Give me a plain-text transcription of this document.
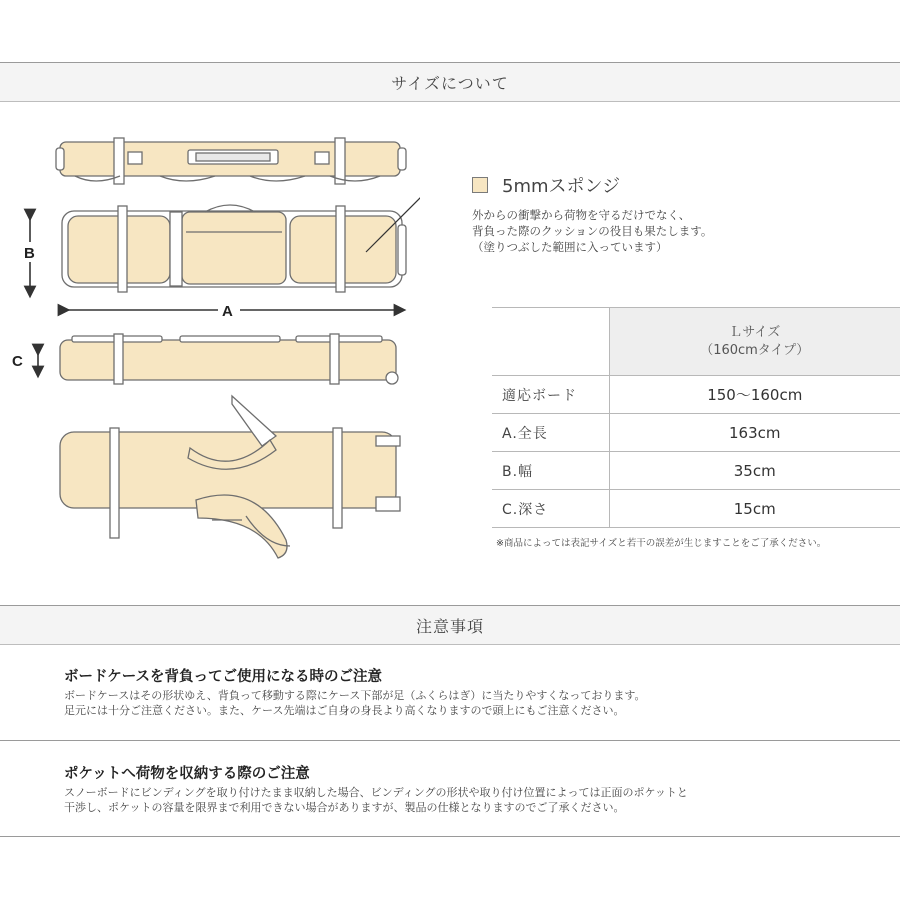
サイズについて
B
A
C
5mmスポンジ
外からの衝撃から荷物を守るだけでなく、
背負った際のクッションの役目も果たします。
（塗りつぶした範囲に入っています）

	Ｌサイズ
（160cmタイプ）

適応ボード	150〜160cm
A.全長	163cm
B.幅	35cm
C.深さ	15cm
※商品によっては表記サイズと若干の誤差が生じますことをご了承ください。
注意事項
ボードケースを背負ってご使用になる時のご注意
ボードケースはその形状ゆえ、背負って移動する際にケース下部が足（ふくらはぎ）に当たりやすくなっております。
足元には十分ご注意ください。また、ケース先端はご自身の身長より高くなりますので頭上にもご注意ください。
ポケットへ荷物を収納する際のご注意
スノーボードにビンディングを取り付けたまま収納した場合、ビンディングの形状や取り付け位置によっては正面のポケットと
干渉し、ポケットの容量を限界まで利用できない場合がありますが、製品の仕様となりますのでご了承ください。
